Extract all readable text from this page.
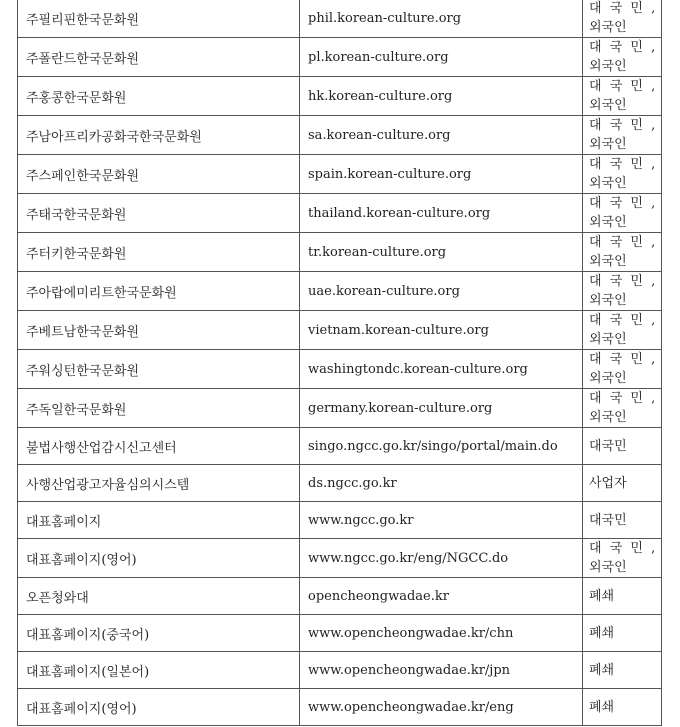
주필리핀한국문화원	phil.korean-culture.org	대 국 민 ,
외국인

주폴란드한국문화원	pl.korean-culture.org	대 국 민 ,
외국인

주홍콩한국문화원	hk.korean-culture.org	대 국 민 ,
외국인

주남아프리카공화국한국문화원	sa.korean-culture.org	대 국 민 ,
외국인

주스페인한국문화원	spain.korean-culture.org	대 국 민 ,
외국인

주태국한국문화원	thailand.korean-culture.org	대 국 민 ,
외국인

주터키한국문화원	tr.korean-culture.org	대 국 민 ,
외국인

주아랍에미리트한국문화원	uae.korean-culture.org	대 국 민 ,
외국인

주베트남한국문화원	vietnam.korean-culture.org	대 국 민 ,
외국인

주워싱턴한국문화원	washingtondc.korean-culture.org	대 국 민 ,
외국인

주독일한국문화원	germany.korean-culture.org	대 국 민 ,
외국인

불법사행산업감시신고센터	singo.ngcc.go.kr/singo/portal/main.do	대국민
사행산업광고자율심의시스템	ds.ngcc.go.kr	사업자
대표홈페이지	www.ngcc.go.kr	대국민
대표홈페이지(영어)	www.ngcc.go.kr/eng/NGCC.do	대 국 민 ,
외국인

오픈청와대	opencheongwadae.kr	폐쇄
대표홈페이지(중국어)	www.opencheongwadae.kr/chn	폐쇄
대표홈페이지(일본어)	www.opencheongwadae.kr/jpn	폐쇄
대표홈페이지(영어)	www.opencheongwadae.kr/eng	폐쇄
